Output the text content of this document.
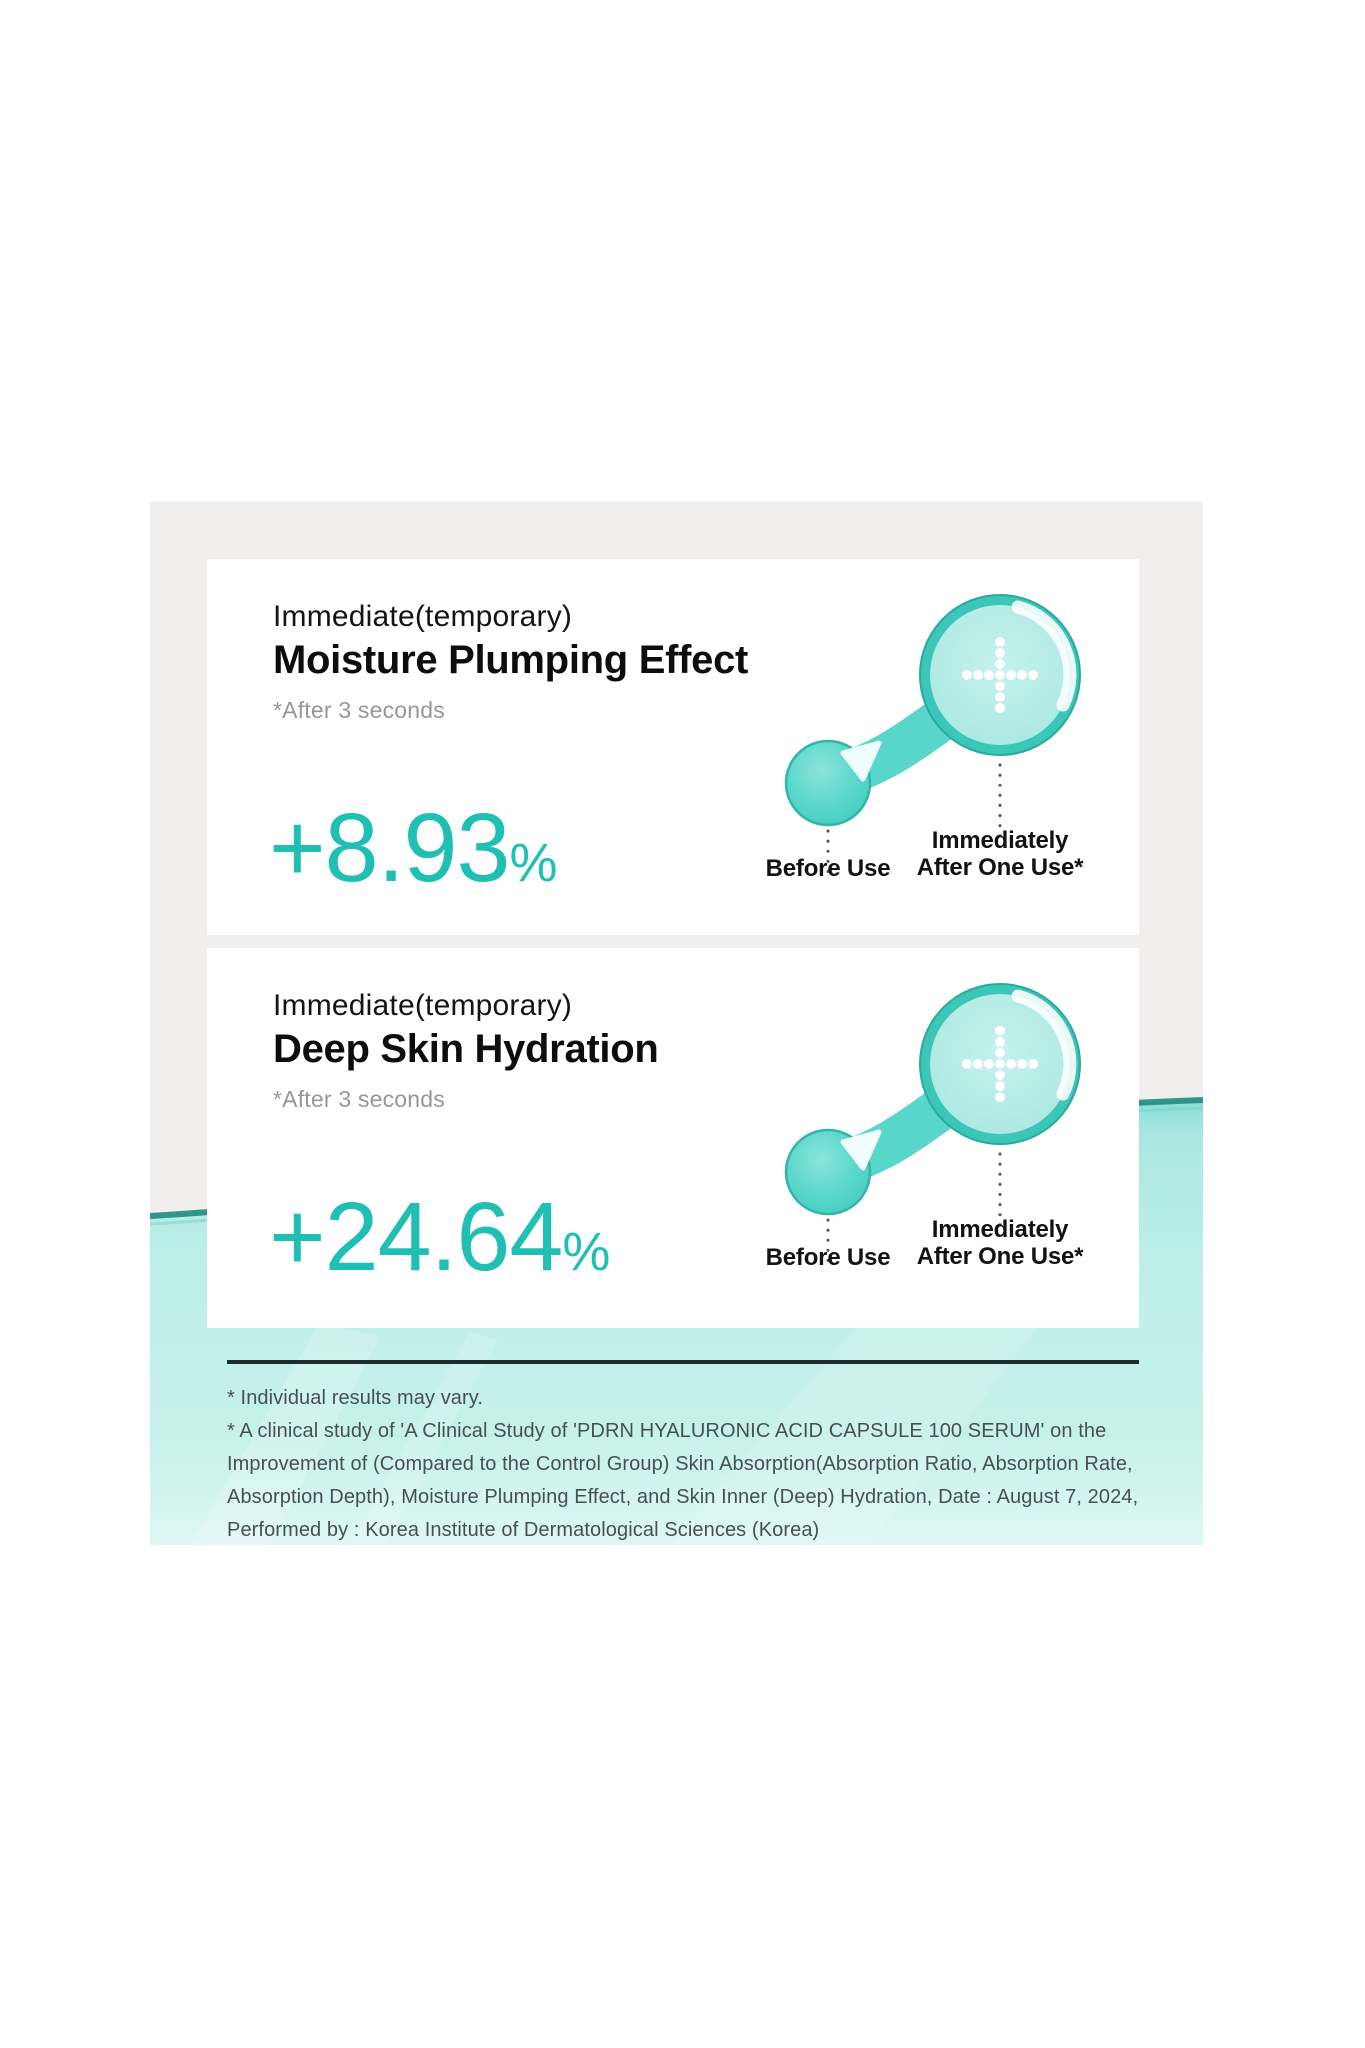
Immediate(temporary)
Moisture Plumping Effect
*After 3 seconds
+8.93%	Before Use
Immediately
After One Use*
Immediate(temporary)
Deep Skin Hydration
*After 3 seconds
+24.64%	Before Use
Immediately
After One Use*

* Individual results may vary.

* A clinical study of 'A Clinical Study of 'PDRN HYALURONIC ACID CAPSULE 100 SERUM' on the Improvement of (Compared to the Control Group) Skin Absorption(Absorption Ratio, Absorption Rate, Absorption Depth), Moisture Plumping Effect, and Skin Inner (Deep) Hydration, Date : August 7, 2024, Performed by : Korea Institute of Dermatological Sciences (Korea)
